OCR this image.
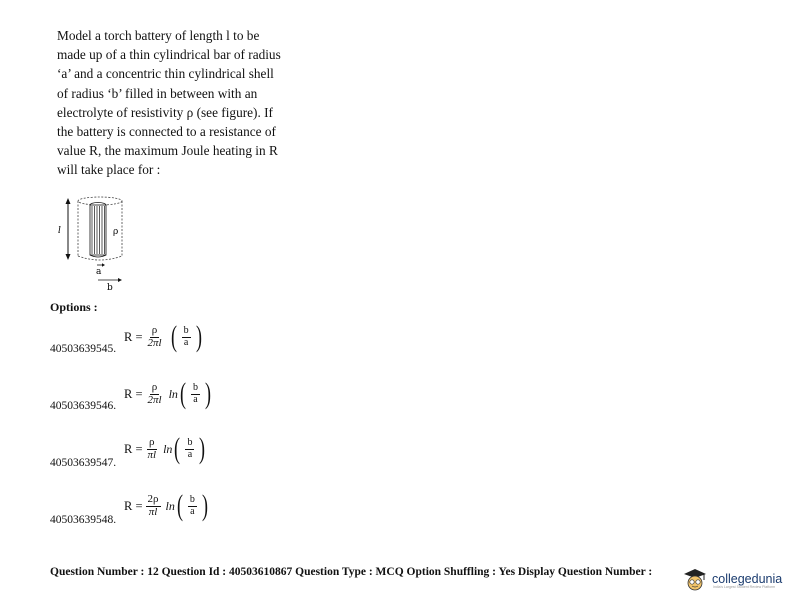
Model a torch battery of length l to be

made up of a thin cylindrical bar of radius

‘a’ and a concentric thin cylindrical shell

of radius ‘b’ filled in between with an

electrolyte of resistivity ρ (see figure). If

the battery is connected to a resistance of

value R, the maximum Joule heating in R

will take place for :

l	ρ
a
b
Options :
$R = \frac{\rho}{2\pi l}$ ( $\frac{b}{a}$ )
40503639545.
$R = \frac{\rho}{2\pi l}$ ln ( $\frac{b}{a}$ )
40503639546.
$R = \frac{\rho}{\pi l}$ ln ( $\frac{b}{a}$ )
40503639547.
$R = \frac{2\rho}{\pi l}$ ln ( $\frac{b}{a}$ )
40503639548.
Question Number : 12 Question Id : 40503610867 Question Type : MCQ Option Shuffling : Yes Display Question Number :	collegedunia
India's Largest Student Review Platform
